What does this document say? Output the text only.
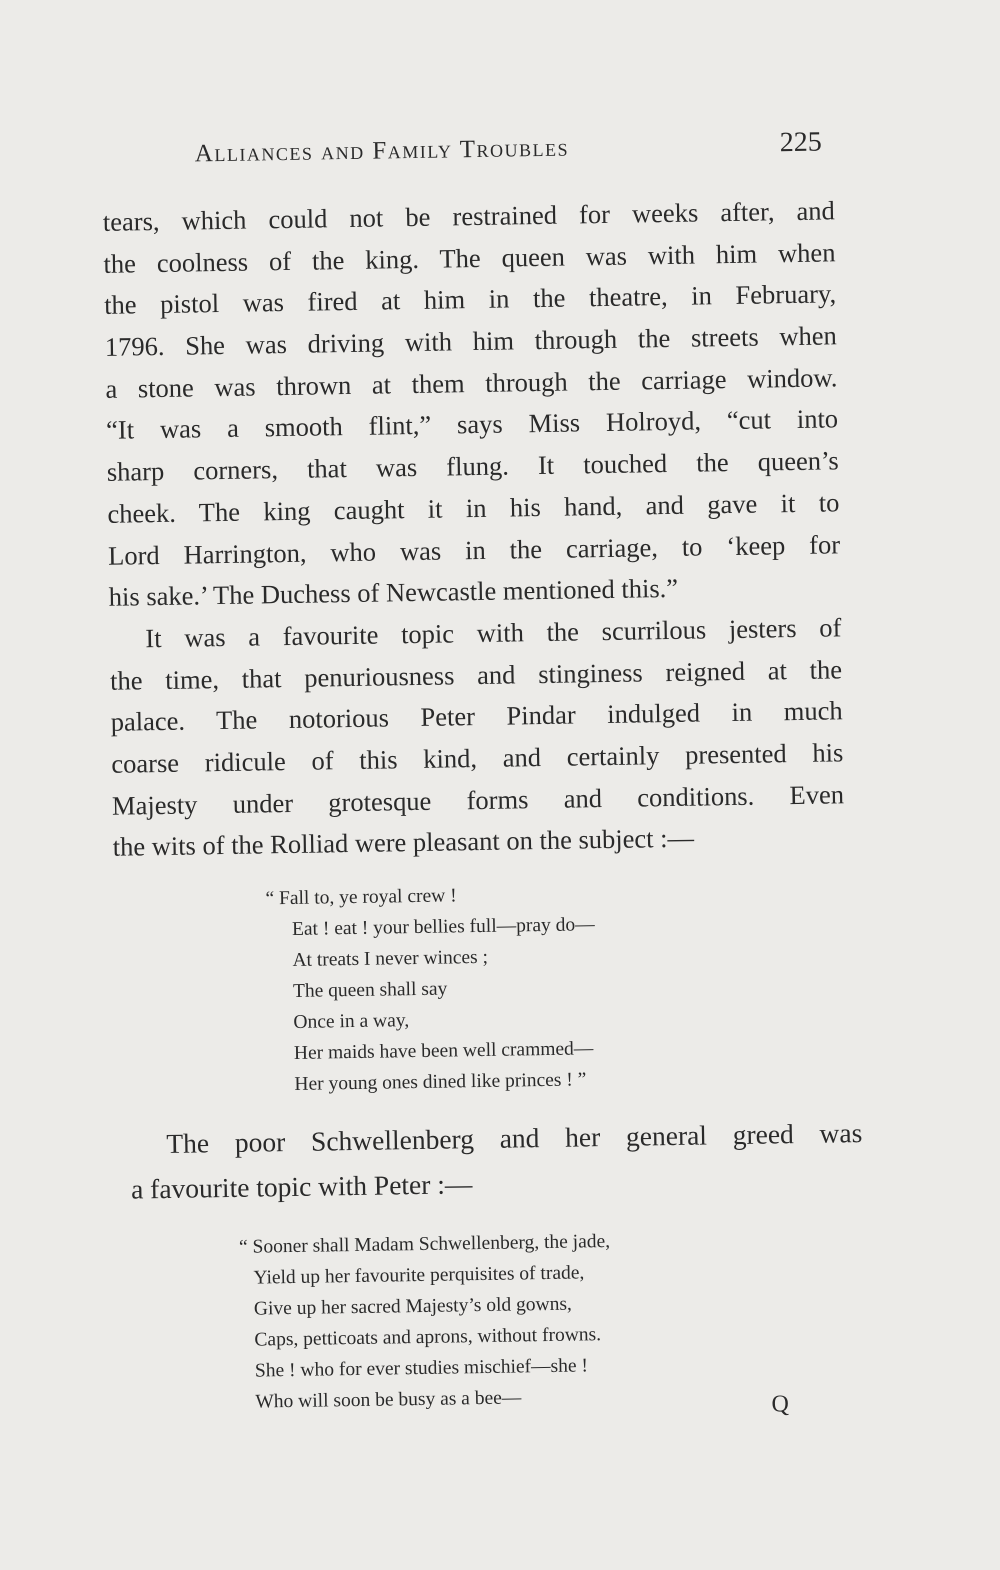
Alliances and Family Troubles	225
tears, which could not be restrained for weeks after, and
the coolness of the king. The queen was with him when
the pistol was fired at him in the theatre, in February,
1796. She was driving with him through the streets when
a stone was thrown at them through the carriage window.
“It was a smooth flint,” says Miss Holroyd, “cut into
sharp corners, that was flung. It touched the queen’s
cheek. The king caught it in his hand, and gave it to
Lord Harrington, who was in the carriage, to ‘keep for
his sake.’ The Duchess of Newcastle mentioned this.”
It was a favourite topic with the scurrilous jesters of
the time, that penuriousness and stinginess reigned at the
palace. The notorious Peter Pindar indulged in much
coarse ridicule of this kind, and certainly presented his
Majesty under grotesque forms and conditions. Even
the wits of the Rolliad were pleasant on the subject :—
“ Fall to, ye royal crew !
Eat ! eat ! your bellies full—pray do—
At treats I never winces ;
The queen shall say
Once in a way,
Her maids have been well crammed—
Her young ones dined like princes ! ”
The poor Schwellenberg and her general greed was
a favourite topic with Peter :—
“ Sooner shall Madam Schwellenberg, the jade,
Yield up her favourite perquisites of trade,
Give up her sacred Majesty’s old gowns,
Caps, petticoats and aprons, without frowns.
She ! who for ever studies mischief—she !
Who will soon be busy as a bee—	Q
